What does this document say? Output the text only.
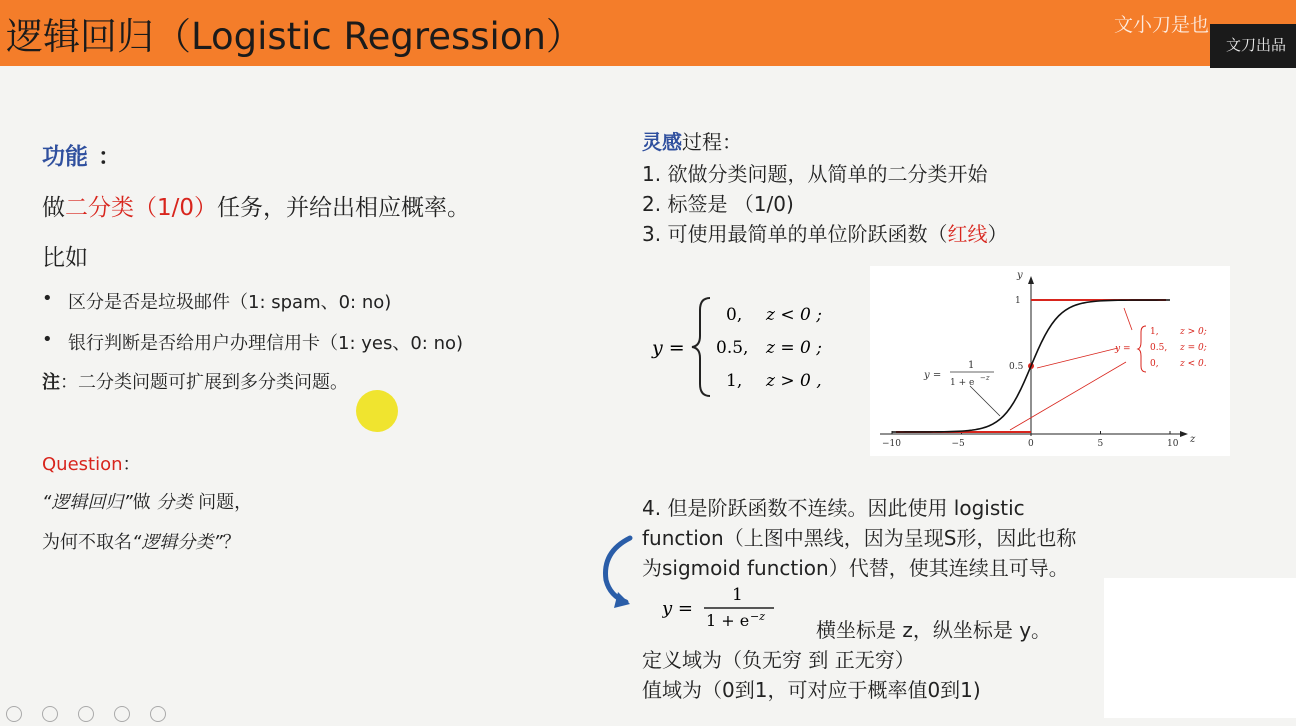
逻辑回归（Logistic Regression）	文小刀是也
文刀出品
功能 ：
做二分类（1/0）任务，并给出相应概率。
比如
• 区分是否是垃圾邮件（1: spam、0: no)
• 银行判断是否给用户办理信用卡（1: yes、0: no)
注：二分类问题可扩展到多分类问题。
Question：
“逻辑回归”做 分类 问题，
为何不取名“逻辑分类”？
灵感过程：
1. 欲做分类问题，从简单的二分类开始
2. 标签是 （1/0)
3. 可使用最简单的单位阶跃函数（红线）
y =
0, z < 0 ;
0.5, z = 0 ;
1, z > 0 ,
y
z
−10	−5	0	5	10
1
0.5
y =
1
1 + e −z
y =
1, z > 0;
0.5, z = 0;
0, z < 0.
4. 但是阶跃函数不连续。因此使用 logistic
function（上图中黑线，因为呈现S形，因此也称
为sigmoid function）代替，使其连续且可导。
y =
1
1 + e −z
横坐标是 z，纵坐标是 y。
定义域为（负无穷 到 正无穷）
值域为（0到1，可对应于概率值0到1)
